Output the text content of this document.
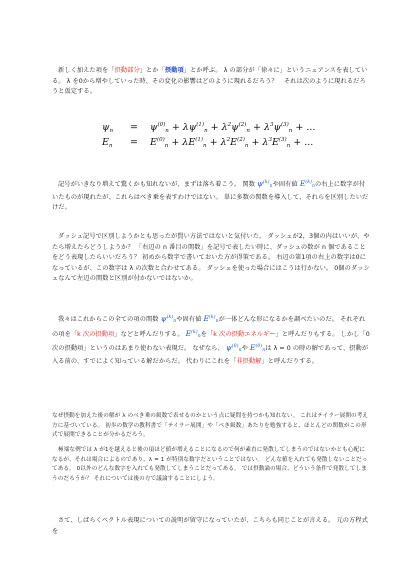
新しく加えた項を「摂動部分」とか「摂動項」とか呼ぶ。 λ の部分が「徐々に」というニュアンスを表している。 λ を0から増やしていった時、その変化の影響はどのように現れるだろう？　それは次のように現れるだろうと仮定する。

$\psi_n$	= $\psi^{(0)}_n + \lambda\psi^{(1)}_n + \lambda^2\psi^{(2)}_n + \lambda^3\psi^{(3)}_n$ + ...
$E_n$	= $E^{(0)}_n + \lambda E^{(1)}_n + \lambda^2E^{(2)}_n + \lambda^3E^{(3)}_n$ + ...

記号がいきなり増えて驚くかも知れないが、まずは落ち着こう。 関数 $\psi^{(k)}_n$や固有値 $E^{(k)}_n$の右上に数字が付いたものが現れたが、これらはべき乗を表すわけではない。 単に多数の関数を導入して、それらを区別したいだけだ。

ダッシュ記号で区別しようかとも思ったが賢い方法ではないと気付いた。 ダッシュが2，3個の内はいいが、やたら増えたらどうしようか？ 「右辺の n 番目の関数」を記号で表したい時に、ダッシュの数が n 個であることをどう表現したらいいだろう？ 初めから数字で書いておいた方が得策である。 右辺の第1項の右上の数字は0になっているが、この数字は λ の次数と合わせてある。 ダッシュを使った場合にはこうは行かない。 0個のダッシュなんて左辺の関数と区別が付かないではないか。

我々はこれからこの全ての項の関数 $\psi^{(k)}_n$や固有値 $E^{(k)}_n$が一体どんな形になるかを調べたいのだ。 それぞれの項を「k 次の摂動項」などと呼んだりする。 $E^{(k)}_n$を「k 次の摂動エネルギー」と呼んだりもする。 しかし「0 次の摂動項」というのはあまり使わない表現だ。 なぜなら、 $\psi^{(0)}_n$や $E^{(0)}_n$は λ = 0 の時の解であって、摂動が入る前の、すでによく知っている解だからだ。 代わりにこれを「非摂動解」と呼んだりする。

なぜ摂動を加えた後の解が λ のべき乗の級数で表せるのかという点に疑問を持つかも知れない。 これはテイラー展開の考え方に基づいている。 初歩の数学の教科書で「テイラー展開」や「べき級数」あたりを勉強すると、ほとんどの関数がこの形式で展開できることが分かるだろう。

極端な例では λ が1を越えると後の項ほど値が増えることになるので何が素直に発散してしまうのではないかとも心配になるが、それは場合によるのであり、λ = 1 が特別な数字だということではない。 どんな値を入れても発散しないことだってある。 0以外のどんな数字を入れても発散してしまうことだってある。 では摂動論の場合、どういう条件で発散してしまうのだろうか？ それについては後の方で議論することにしよう。

さて、しばらくベクトル表現についての説明が留守になっていたが、こちらも同じことが言える。 元の方程式を
